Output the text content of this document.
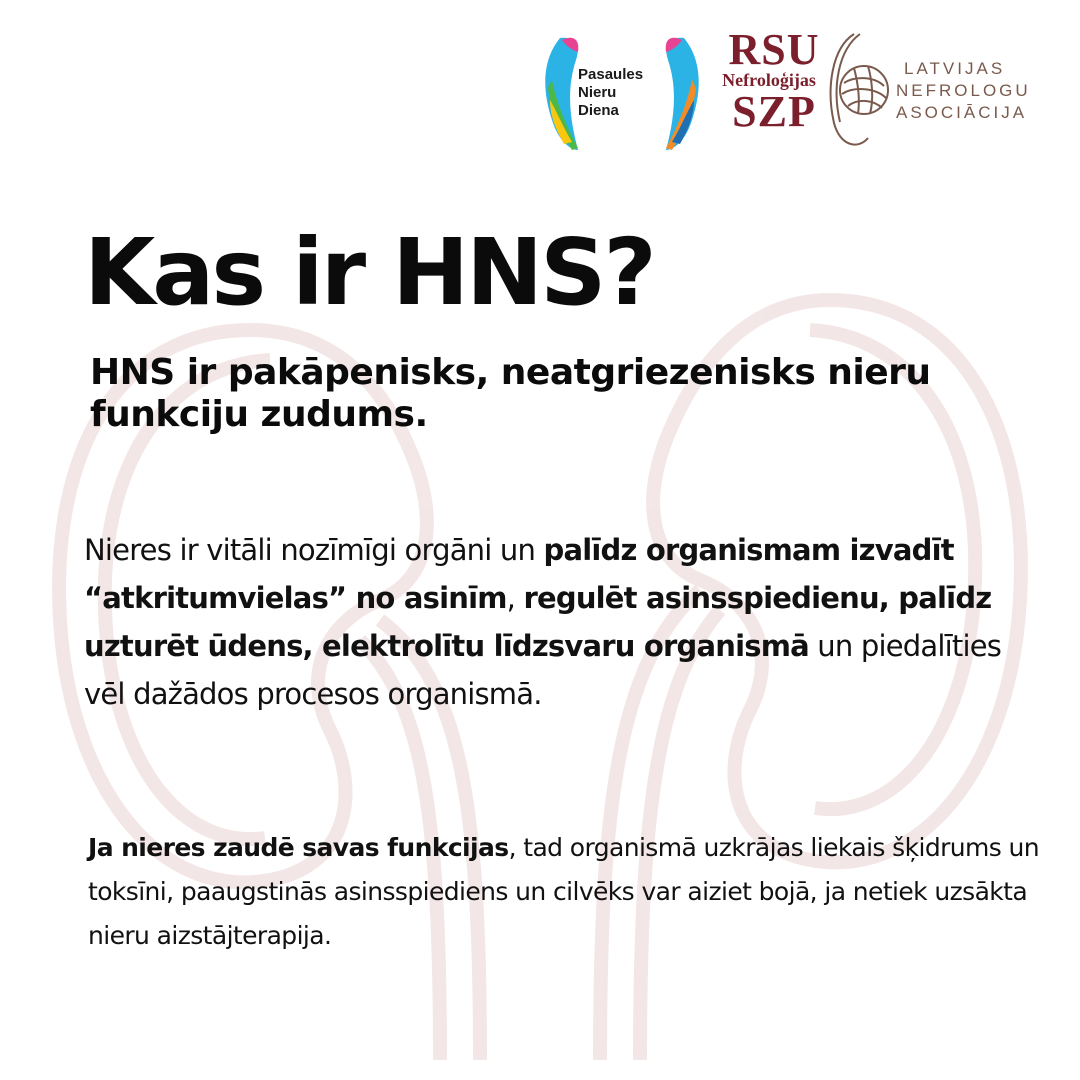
Pasaules
Nieru
Diena
RSU
Nefroloģijas
SZP
LATVIJAS
NEFROLOGU
ASOCIĀCIJA
Kas ir HNS?
HNS ir pakāpenisks, neatgriezenisks nieru funkciju zudums.

Nieres ir vitāli nozīmīgi orgāni un palīdz organismam izvadīt “atkritumvielas” no asinīm, regulēt asinsspiedienu, palīdz uzturēt ūdens, elektrolītu līdzsvaru organismā un piedalīties vēl dažādos procesos organismā.

Ja nieres zaudē savas funkcijas, tad organismā uzkrājas liekais šķidrums un toksīni, paaugstinās asinsspiediens un cilvēks var aiziet bojā, ja netiek uzsākta nieru aizstājterapija.
